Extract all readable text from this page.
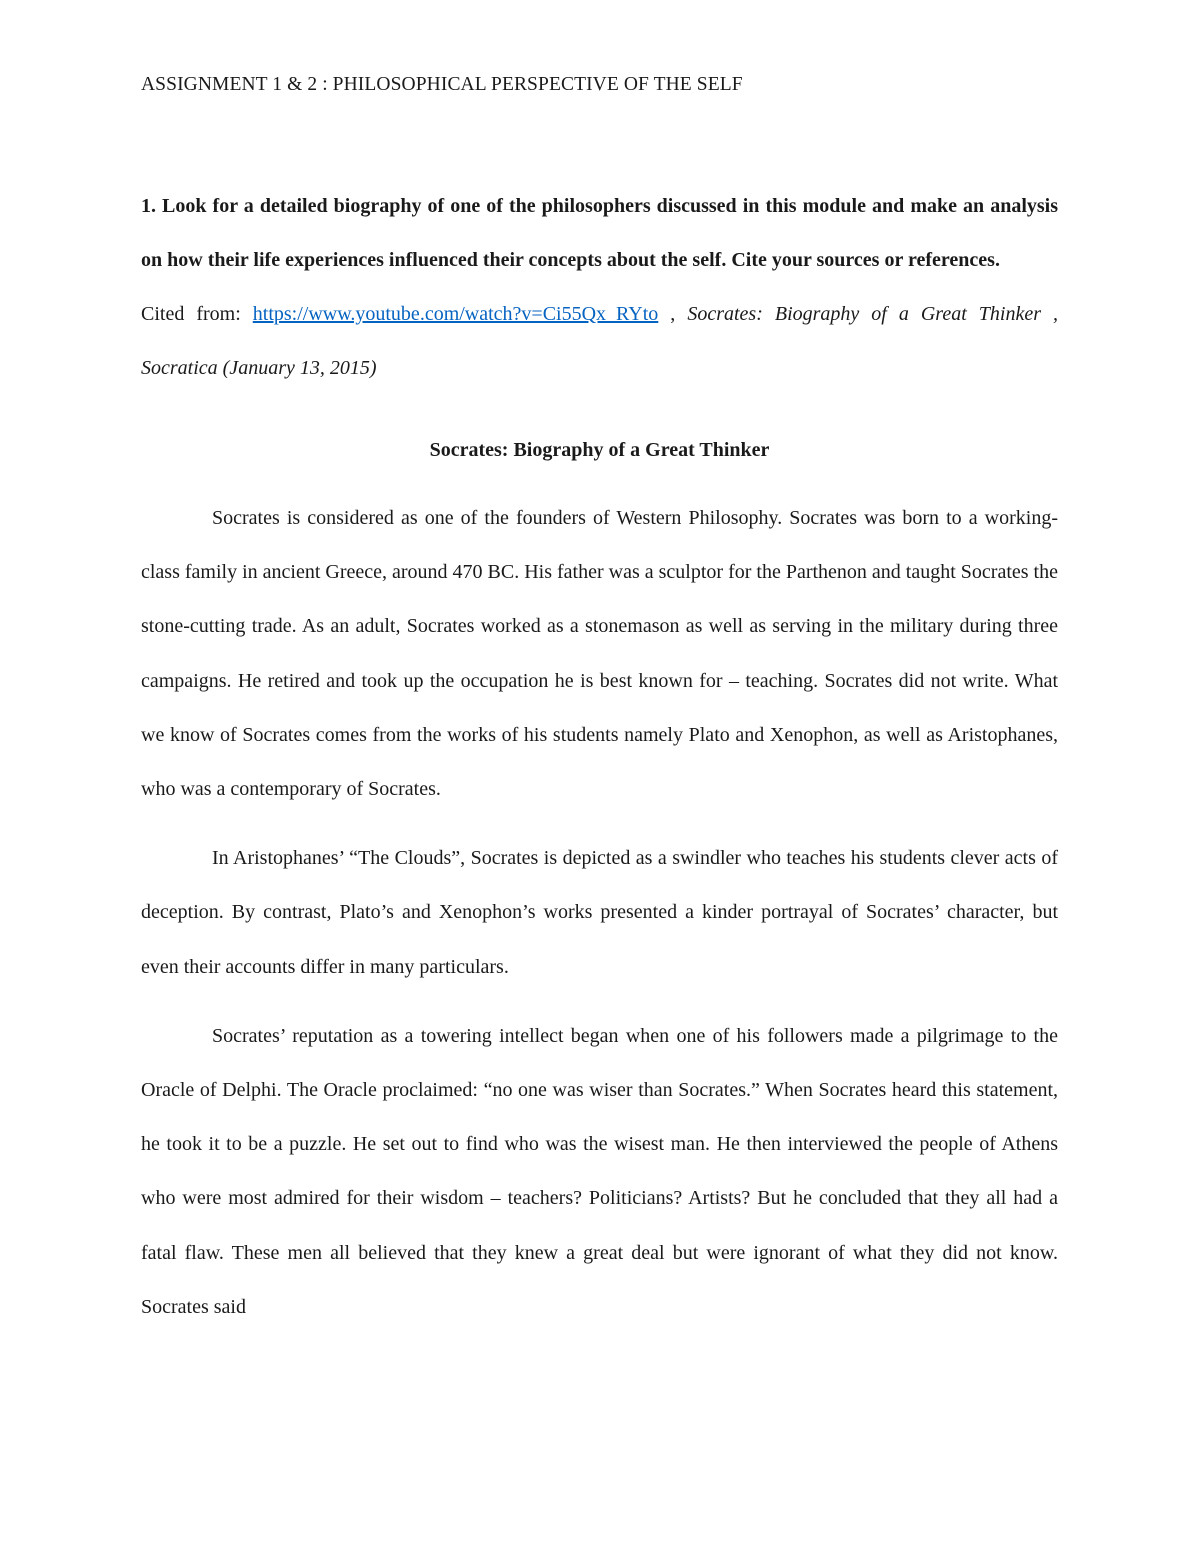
ASSIGNMENT 1 & 2 : PHILOSOPHICAL PERSPECTIVE OF THE SELF

1. Look for a detailed biography of one of the philosophers discussed in this module and make an analysis on how their life experiences influenced their concepts about the self. Cite your sources or references.

Cited from: https://www.youtube.com/watch?v=Ci55Qx_RYto , Socrates: Biography of a Great Thinker , Socratica (January 13, 2015)

Socrates: Biography of a Great Thinker

Socrates is considered as one of the founders of Western Philosophy. Socrates was born to a working-class family in ancient Greece, around 470 BC. His father was a sculptor for the Parthenon and taught Socrates the stone-cutting trade. As an adult, Socrates worked as a stonemason as well as serving in the military during three campaigns. He retired and took up the occupation he is best known for – teaching. Socrates did not write. What we know of Socrates comes from the works of his students namely Plato and Xenophon, as well as Aristophanes, who was a contemporary of Socrates.

In Aristophanes’ “The Clouds”, Socrates is depicted as a swindler who teaches his students clever acts of deception. By contrast, Plato’s and Xenophon’s works presented a kinder portrayal of Socrates’ character, but even their accounts differ in many particulars.

Socrates’ reputation as a towering intellect began when one of his followers made a pilgrimage to the Oracle of Delphi. The Oracle proclaimed: “no one was wiser than Socrates.” When Socrates heard this statement, he took it to be a puzzle. He set out to find who was the wisest man. He then interviewed the people of Athens who were most admired for their wisdom – teachers? Politicians? Artists? But he concluded that they all had a fatal flaw. These men all believed that they knew a great deal but were ignorant of what they did not know. Socrates said
